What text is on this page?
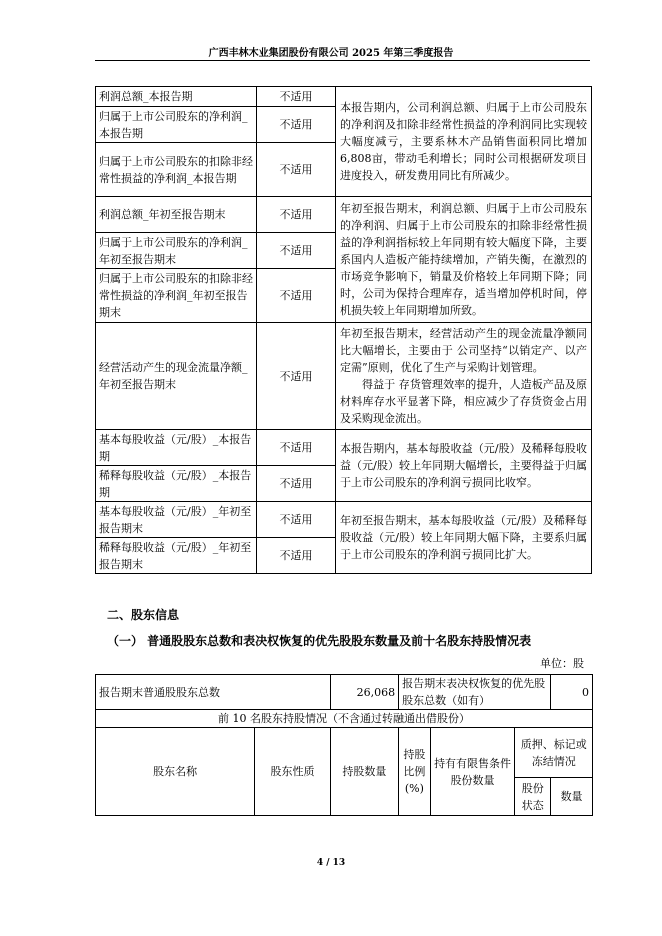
广西丰林木业集团股份有限公司 2025 年第三季度报告
利润总额_本报告期	不适用	本报告期内，公司利润总额、归属于上市公司股东的净利润及扣除非经常性损益的净利润同比实现较大幅度减亏，主要系林木产品销售面积同比增加6,808亩，带动毛利增长；同时公司根据研发项目进度投入，研发费用同比有所减少。
归属于上市公司股东的净利润_本报告期	不适用	
归属于上市公司股东的扣除非经常性损益的净利润_本报告期	不适用	
利润总额_年初至报告期末	不适用	年初至报告期末，利润总额、归属于上市公司股东的净利润、归属于上市公司股东的扣除非经常性损益的净利润指标较上年同期有较大幅度下降，主要系国内人造板产能持续增加，产销失衡，在激烈的市场竞争影响下，销量及价格较上年同期下降；同时，公司为保持合理库存，适当增加停机时间，停机损失较上年同期增加所致。
归属于上市公司股东的净利润_年初至报告期末	不适用	
归属于上市公司股东的扣除非经常性损益的净利润_年初至报告期末	不适用	
经营活动产生的现金流量净额_年初至报告期末	不适用	年初至报告期末，经营活动产生的现金流量净额同比大幅增长，主要由于 公司坚持“以销定产、以产定需”原则，优化了生产与采购计划管理。
得益于 存货管理效率的提升，人造板产品及原材料库存水平显著下降，相应减少了存货资金占用及采购现金流出。

基本每股收益（元/股）_本报告期	不适用	本报告期内，基本每股收益（元/股）及稀释每股收益（元/股）较上年同期大幅增长，主要得益于归属于上市公司股东的净利润亏损同比收窄。
稀释每股收益（元/股）_本报告期	不适用	
基本每股收益（元/股）_年初至报告期末	不适用	年初至报告期末，基本每股收益（元/股）及稀释每股收益（元/股）较上年同期大幅下降，主要系归属于上市公司股东的净利润亏损同比扩大。
稀释每股收益（元/股）_年初至报告期末	不适用	
二、股东信息
（一） 普通股股东总数和表决权恢复的优先股股东数量及前十名股东持股情况表
单位：股
报告期末普通股股东总数		26,068	报告期末表决权恢复的优先股股东总数（如有）			0
前 10 名股东持股情况（不含通过转融通出借股份）						
股东名称	股东性质	持股数量	持股比例(%)	持有有限售条件股份数量	质押、标记或冻结情况	
					股份状态	数量
4 / 13
